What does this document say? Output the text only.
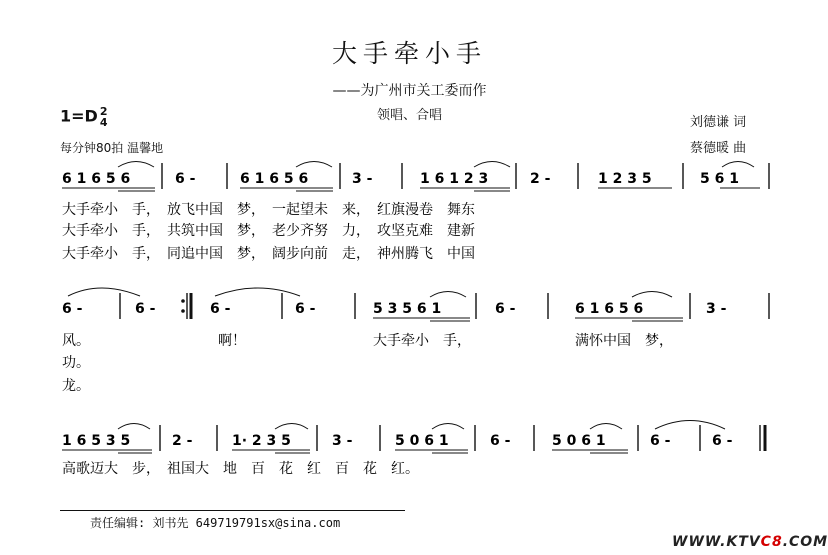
大手牵小手
——为广州市关工委而作
领唱、合唱
1=D 2
4
每分钟80拍 温馨地
刘德谦 词
蔡德暖 曲
6 1 6 5 6	6 -	6 1 6 5 6	3 -	1 6 1 2 3	2 -	1 2 3 5	5 6 1
大手牵小　手，　放飞中国　梦，　一起望未　来，　红旗漫卷　舞东
大手牵小　手，　共筑中国　梦，　老少齐努　力，　攻坚克难　建新
大手牵小　手，　同追中国　梦，　阔步向前　走，　神州腾飞　中国
6 -	6 -	6 -	6 -	5 3 5 6 1	6 -	6 1 6 5 6	3 -
风。	啊！	大手牵小　手，	满怀中国　梦，
功。
龙。
1 6 5 3 5	2 -	1· 2 3 5	3 -	5 0 6 1	6 -	5 0 6 1	6 -	6 -
高歌迈大　步，　祖国大　地　百　花　红　百　花　红。
责任编辑: 刘书先 649719791sx@sina.com
WWW.KTVC8.COM
